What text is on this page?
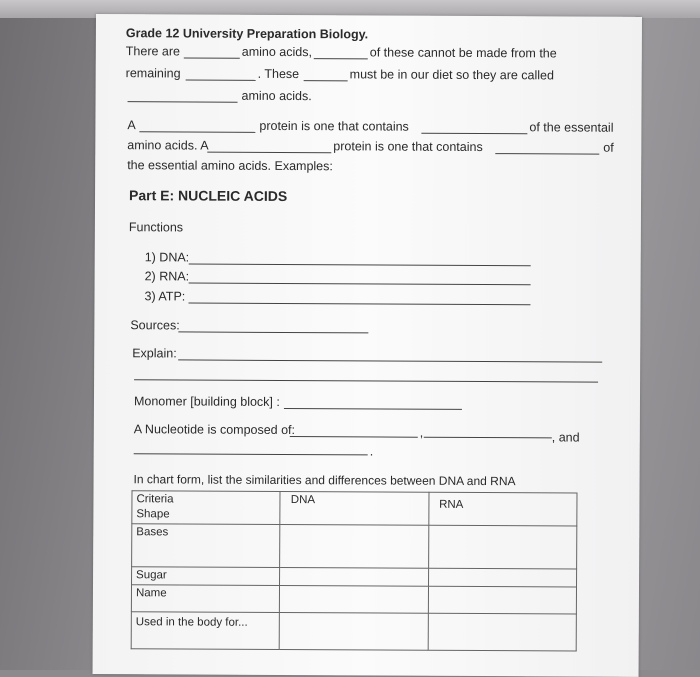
Grade 12 University Preparation Biology.
There are	amino acids,	of these cannot be made from the
remaining	. These	must be in our diet so they are called
amino acids.
A	protein is one that contains	of the essentail
amino acids. A	protein is one that contains	of
the essential amino acids. Examples:
Part E: NUCLEIC ACIDS
Functions
1) DNA:
2) RNA:
3) ATP:
Sources:
Explain:
Monomer [building block] :
A Nucleotide is composed of:	,	, and
.
In chart form, list the similarities and differences between DNA and RNA
Criteria
Shape	DNA	RNA

Bases		

Sugar		

Name		

Used in the body for...		
